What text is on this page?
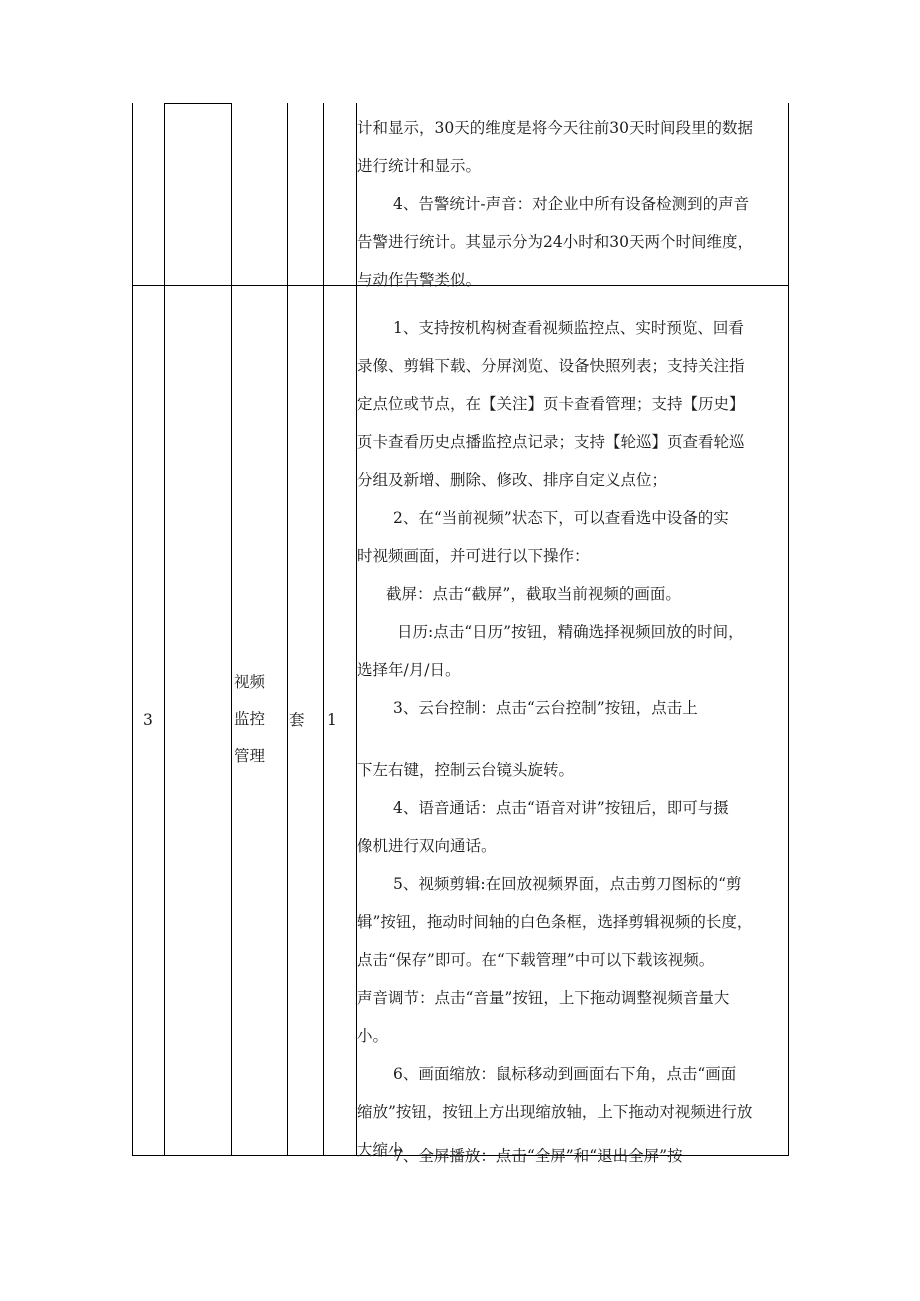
计和显示，30天的维度是将今天往前30天时间段里的数据
进行统计和显示。
4、告警统计-声音：对企业中所有设备检测到的声音
告警进行统计。其显示分为24小时和30天两个时间维度，
与动作告警类似。
3
视频
监控
管理
套 1
1、支持按机构树查看视频监控点、实时预览、回看
录像、剪辑下载、分屏浏览、设备快照列表；支持关注指
定点位或节点，在【关注】页卡查看管理；支持【历史】
页卡查看历史点播监控点记录；支持【轮巡】页查看轮巡
分组及新增、删除、修改、排序自定义点位；
2、在“当前视频”状态下，可以查看选中设备的实
时视频画面，并可进行以下操作：
截屏：点击“截屏”，截取当前视频的画面。
日历:点击“日历”按钮，精确选择视频回放的时间，
选择年/月/日。
3、云台控制：点击“云台控制”按钮，点击上
下左右键，控制云台镜头旋转。
4、语音通话：点击“语音对讲”按钮后，即可与摄
像机进行双向通话。
5、视频剪辑:在回放视频界面，点击剪刀图标的“剪
辑”按钮，拖动时间轴的白色条框，选择剪辑视频的长度，
点击“保存”即可。在“下载管理”中可以下载该视频。
声音调节：点击“音量”按钮，上下拖动调整视频音量大
小。
6、画面缩放：鼠标移动到画面右下角，点击“画面
缩放”按钮，按钮上方出现缩放轴，上下拖动对视频进行放
大缩小
7、全屏播放：点击“全屏”和“退出全屏”按
